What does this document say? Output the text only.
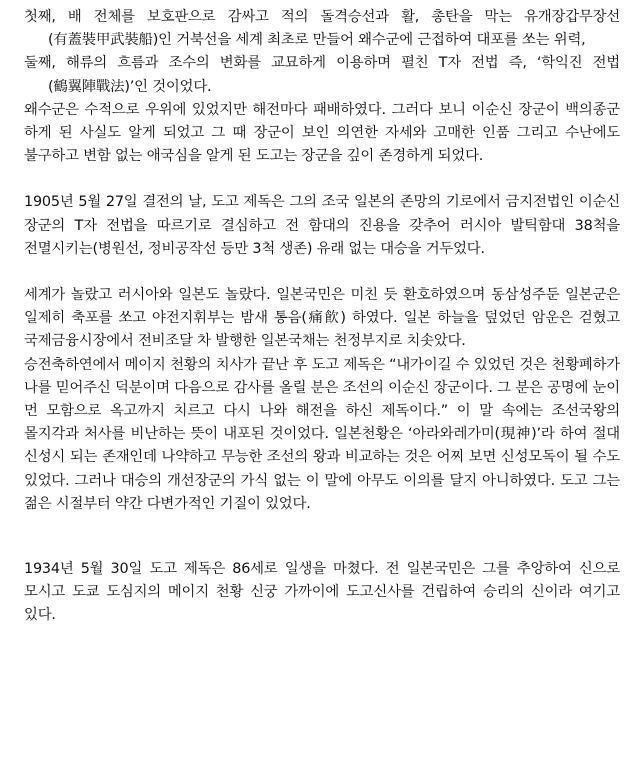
첫째, 배 전체를 보호판으로 감싸고 적의 돌격승선과 활, 총탄을 막는 유개장갑무장선(有蓋裝甲武裝船)인 거북선을 세계 최초로 만들어 왜수군에 근접하여 대포를 쏘는 위력,

둘째, 해류의 흐름과 조수의 변화를 교묘하게 이용하며 펼친 T자 전법 즉, ‘학익진 전법(鶴翼陣戰法)’인 것이었다.

왜수군은 수적으로 우위에 있었지만 해전마다 패배하였다. 그러다 보니 이순신 장군이 백의종군 하게 된 사실도 알게 되었고 그 때 장군이 보인 의연한 자세와 고매한 인품 그리고 수난에도 불구하고 변함 없는 애국심을 알게 된 도고는 장군을 깊이 존경하게 되었다.

1905년 5월 27일 결전의 날, 도고 제독은 그의 조국 일본의 존망의 기로에서 금지전법인 이순신 장군의 T자 전법을 따르기로 결심하고 전 함대의 진용을 갖추어 러시아 발틱함대 38척을 전멸시키는(병원선, 정비공작선 등만 3척 생존) 유래 없는 대승을 거두었다.

세계가 놀랐고 러시아와 일본도 놀랐다. 일본국민은 미친 듯 환호하였으며 동삼성주둔 일본군은 일제히 축포를 쏘고 야전지휘부는 밤새 통음(痛飮) 하였다. 일본 하늘을 덮었던 암운은 걷혔고 국제금융시장에서 전비조달 차 발행한 일본국채는 천정부지로 치솟았다.

승전축하연에서 메이지 천황의 치사가 끝난 후 도고 제독은 “내가이길 수 있었던 것은 천황폐하가 나를 믿어주신 덕분이며 다음으로 감사를 올릴 분은 조선의 이순신 장군이다. 그 분은 공명에 눈이 먼 모함으로 옥고까지 치르고 다시 나와 해전을 하신 제독이다.” 이 말 속에는 조선국왕의 몰지각과 처사를 비난하는 뜻이 내포된 것이었다. 일본천황은 ‘아라와레가미(現神)’라 하여 절대 신성시 되는 존재인데 나약하고 무능한 조선의 왕과 비교하는 것은 어찌 보면 신성모독이 될 수도 있었다. 그러나 대승의 개선장군의 가식 없는 이 말에 아무도 이의를 달지 아니하였다. 도고 그는 젊은 시절부터 약간 다변가적인 기질이 있었다.

1934년 5월 30일 도고 제독은 86세로 일생을 마쳤다. 전 일본국민은 그를 추앙하여 신으로 모시고 도쿄 도심지의 메이지 천황 신궁 가까이에 도고신사를 건립하여 승리의 신이라 여기고 있다.
